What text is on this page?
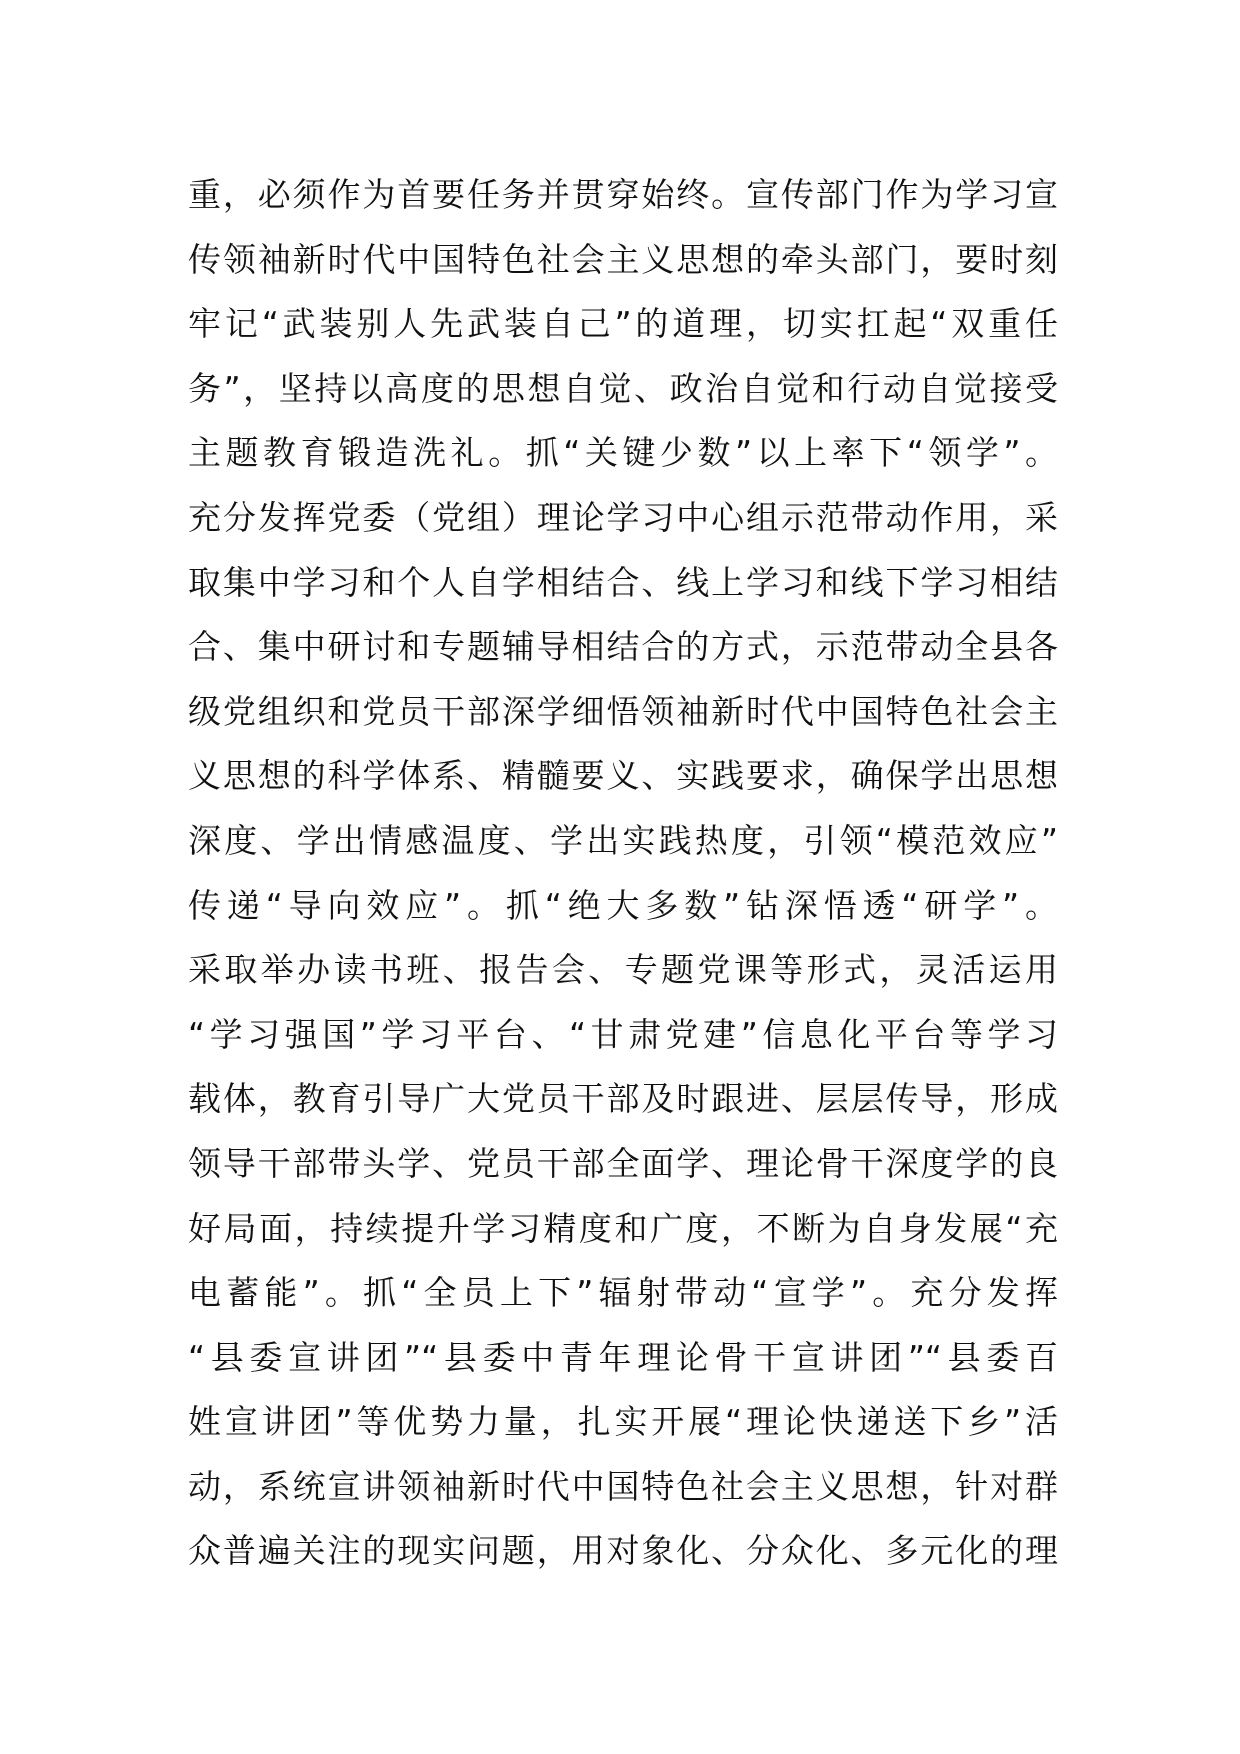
重，必须作为首要任务并贯穿始终。宣传部门作为学习宣
传领袖新时代中国特色社会主义思想的牵头部门，要时刻
牢记“武装别人先武装自己”的道理，切实扛起“双重任
务”，坚持以高度的思想自觉、政治自觉和行动自觉接受
主题教育锻造洗礼。抓“关键少数”以上率下“领学”。
充分发挥党委（党组）理论学习中心组示范带动作用，采
取集中学习和个人自学相结合、线上学习和线下学习相结
合、集中研讨和专题辅导相结合的方式，示范带动全县各
级党组织和党员干部深学细悟领袖新时代中国特色社会主
义思想的科学体系、精髓要义、实践要求，确保学出思想
深度、学出情感温度、学出实践热度，引领“模范效应”
传递“导向效应”。抓“绝大多数”钻深悟透“研学”。
采取举办读书班、报告会、专题党课等形式，灵活运用
“学习强国”学习平台、“甘肃党建”信息化平台等学习
载体，教育引导广大党员干部及时跟进、层层传导，形成
领导干部带头学、党员干部全面学、理论骨干深度学的良
好局面，持续提升学习精度和广度，不断为自身发展“充
电蓄能”。抓“全员上下”辐射带动“宣学”。充分发挥
“县委宣讲团”“县委中青年理论骨干宣讲团”“县委百
姓宣讲团”等优势力量，扎实开展“理论快递送下乡”活
动，系统宣讲领袖新时代中国特色社会主义思想，针对群
众普遍关注的现实问题，用对象化、分众化、多元化的理
